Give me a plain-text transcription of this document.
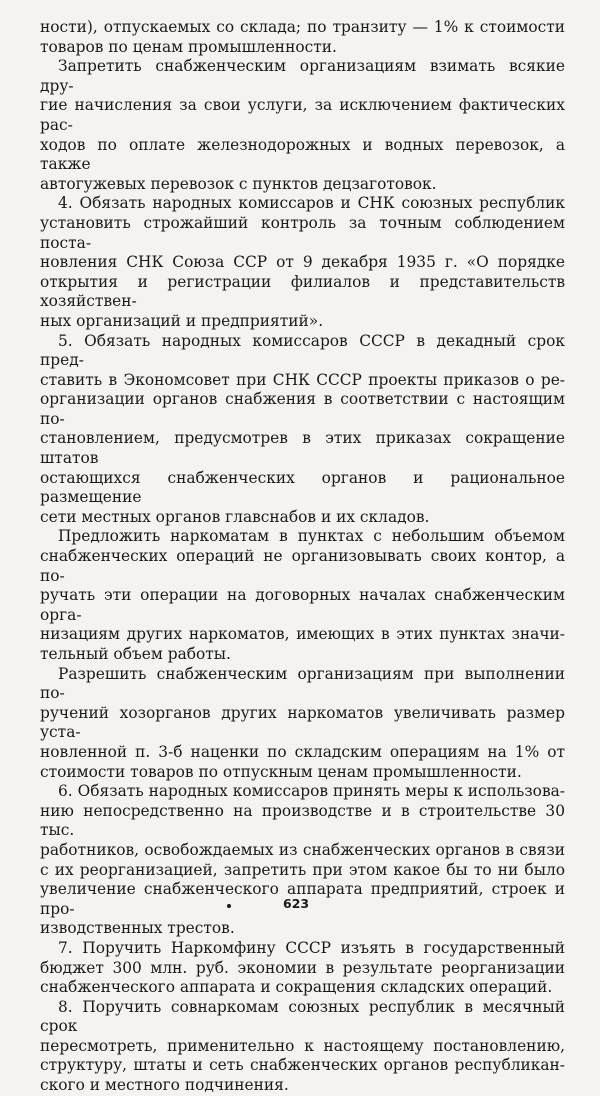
ности), отпускаемых со склада; по транзиту — 1% к стоимости

товаров по ценам промышленности.

Запретить снабженческим организациям взимать всякие дру-

гие начисления за свои услуги, за исключением фактических рас-

ходов по оплате железнодорожных и водных перевозок, а также

автогужевых перевозок с пунктов децзаготовок.

4. Обязать народных комиссаров и СНК союзных республик

установить строжайший контроль за точным соблюдением поста-

новления СНК Союза ССР от 9 декабря 1935 г. «О порядке

открытия и регистрации филиалов и представительств хозяйствен-

ных организаций и предприятий».

5. Обязать народных комиссаров СССР в декадный срок пред-

ставить в Экономсовет при СНК СССР проекты приказов о ре-

организации органов снабжения в соответствии с настоящим по-

становлением, предусмотрев в этих приказах сокращение штатов

остающихся снабженческих органов и рациональное размещение

сети местных органов главснабов и их складов.

Предложить наркоматам в пунктах с небольшим объемом

снабженческих операций не организовывать своих контор, а по-

ручать эти операции на договорных началах снабженческим орга-

низациям других наркоматов, имеющих в этих пунктах значи-

тельный объем работы.

Разрешить снабженческим организациям при выполнении по-

ручений хозорганов других наркоматов увеличивать размер уста-

новленной п. 3-б наценки по складским операциям на 1% от

стоимости товаров по отпускным ценам промышленности.

6. Обязать народных комиссаров принять меры к использова-

нию непосредственно на производстве и в строительстве 30 тыс.

работников, освобождаемых из снабженческих органов в связи

с их реорганизацией, запретить при этом какое бы то ни было

увеличение снабженческого аппарата предприятий, строек и про-

изводственных трестов.

7. Поручить Наркомфину СССР изъять в государственный

бюджет 300 млн. руб. экономии в результате реорганизации

снабженческого аппарата и сокращения складских операций.

8. Поручить совнаркомам союзных республик в месячный срок

пересмотреть, применительно к настоящему постановлению,

структуру, штаты и сеть снабженческих органов республикан-

ского и местного подчинения.

623
